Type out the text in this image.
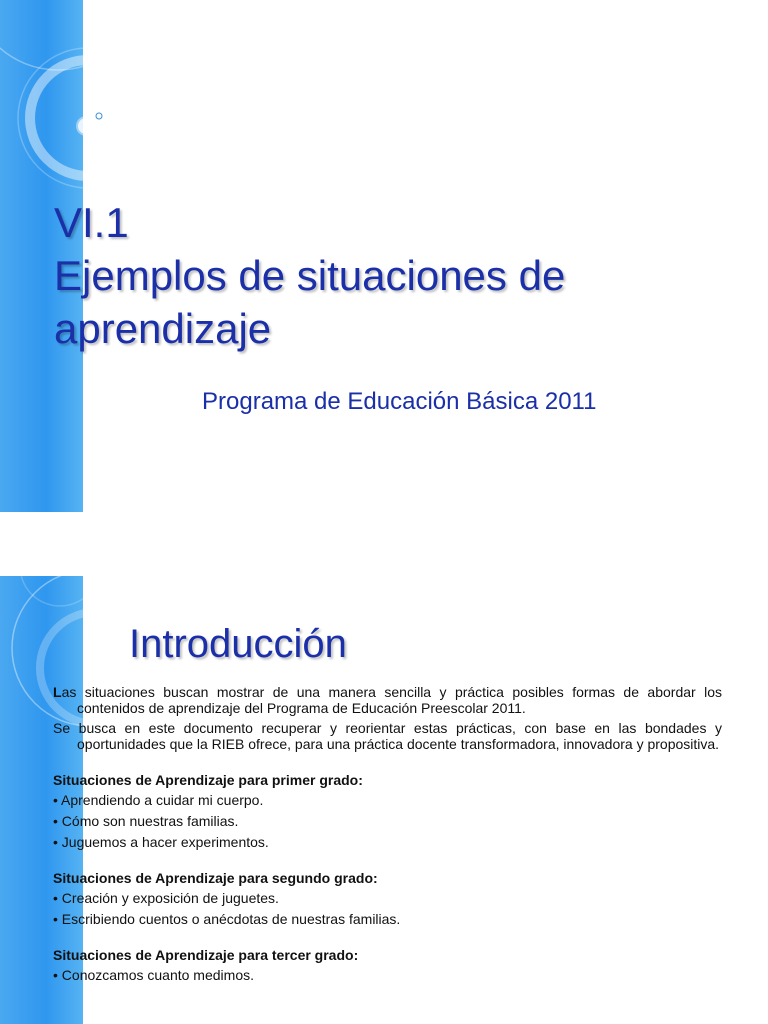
VI.1
Ejemplos de situaciones de
aprendizaje

Programa de Educación Básica 2011

Introducción

Las situaciones buscan mostrar de una manera sencilla y práctica posibles formas de abordar los contenidos de aprendizaje del Programa de Educación Preescolar 2011.

Se busca en este documento recuperar y reorientar estas prácticas, con base en las bondades y oportunidades que la RIEB ofrece, para una práctica docente transformadora, innovadora y propositiva.

Situaciones de Aprendizaje para primer grado:

• Aprendiendo a cuidar mi cuerpo.
• Cómo son nuestras familias.
• Juguemos a hacer experimentos.

Situaciones de Aprendizaje para segundo grado:

• Creación y exposición de juguetes.
• Escribiendo cuentos o anécdotas de nuestras familias.

Situaciones de Aprendizaje para tercer grado:

• Conozcamos cuanto medimos.
